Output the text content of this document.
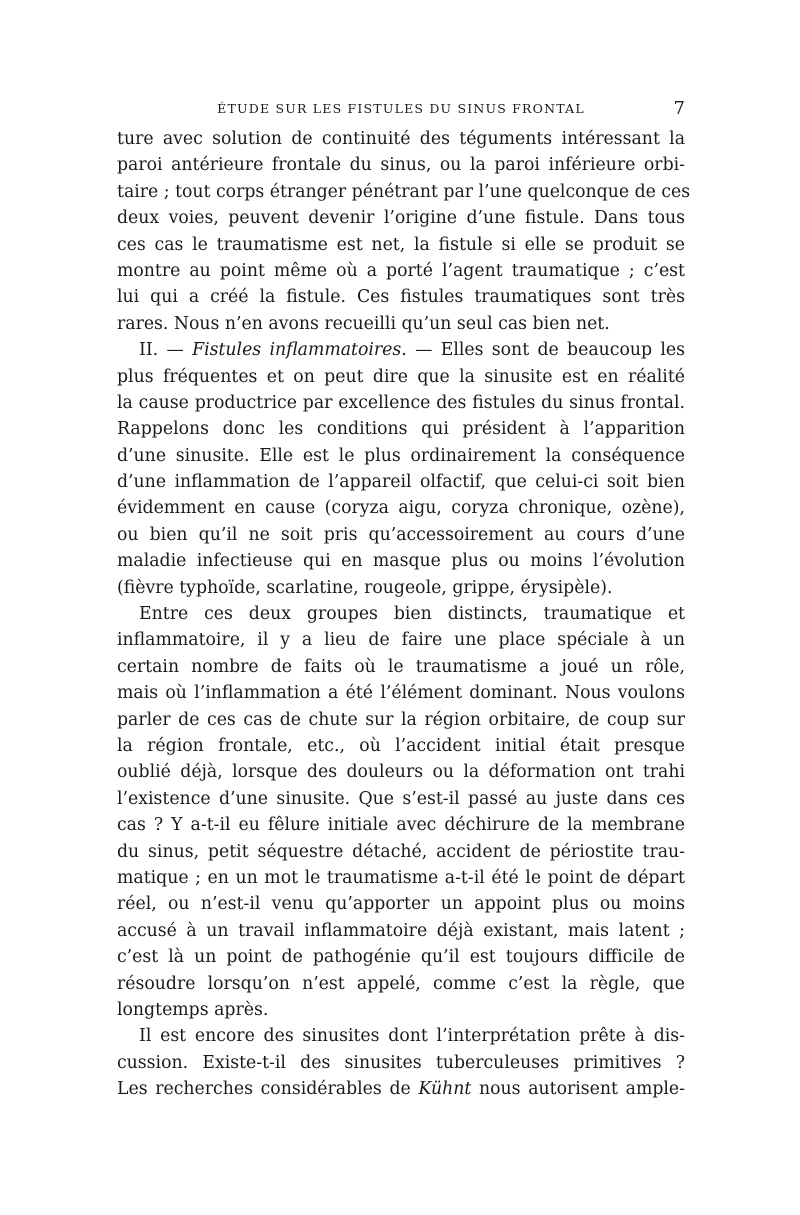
ÉTUDE SUR LES FISTULES DU SINUS FRONTAL	7
ture avec solution de continuité des téguments intéressant la
paroi antérieure frontale du sinus, ou la paroi inférieure orbi-
taire ; tout corps étranger pénétrant par l’une quelconque de ces
deux voies, peuvent devenir l’origine d’une fistule. Dans tous
ces cas le traumatisme est net, la fistule si elle se produit se
montre au point même où a porté l’agent traumatique ; c’est
lui qui a créé la fistule. Ces fistules traumatiques sont très
rares. Nous n’en avons recueilli qu’un seul cas bien net.
II. — Fistules inflammatoires. — Elles sont de beaucoup les
plus fréquentes et on peut dire que la sinusite est en réalité
la cause productrice par excellence des fistules du sinus frontal.
Rappelons donc les conditions qui président à l’apparition
d’une sinusite. Elle est le plus ordinairement la conséquence
d’une inflammation de l’appareil olfactif, que celui-ci soit bien
évidemment en cause (coryza aigu, coryza chronique, ozène),
ou bien qu’il ne soit pris qu’accessoirement au cours d’une
maladie infectieuse qui en masque plus ou moins l’évolution
(fièvre typhoïde, scarlatine, rougeole, grippe, érysipèle).
Entre ces deux groupes bien distincts, traumatique et
inflammatoire, il y a lieu de faire une place spéciale à un
certain nombre de faits où le traumatisme a joué un rôle,
mais où l’inflammation a été l’élément dominant. Nous voulons
parler de ces cas de chute sur la région orbitaire, de coup sur
la région frontale, etc., où l’accident initial était presque
oublié déjà, lorsque des douleurs ou la déformation ont trahi
l’existence d’une sinusite. Que s’est-il passé au juste dans ces
cas ? Y a-t-il eu fêlure initiale avec déchirure de la membrane
du sinus, petit séquestre détaché, accident de périostite trau-
matique ; en un mot le traumatisme a-t-il été le point de départ
réel, ou n’est-il venu qu’apporter un appoint plus ou moins
accusé à un travail inflammatoire déjà existant, mais latent ;
c’est là un point de pathogénie qu’il est toujours difficile de
résoudre lorsqu’on n’est appelé, comme c’est la règle, que
longtemps après.
Il est encore des sinusites dont l’interprétation prête à dis-
cussion. Existe-t-il des sinusites tuberculeuses primitives ?
Les recherches considérables de Kühnt nous autorisent ample-
